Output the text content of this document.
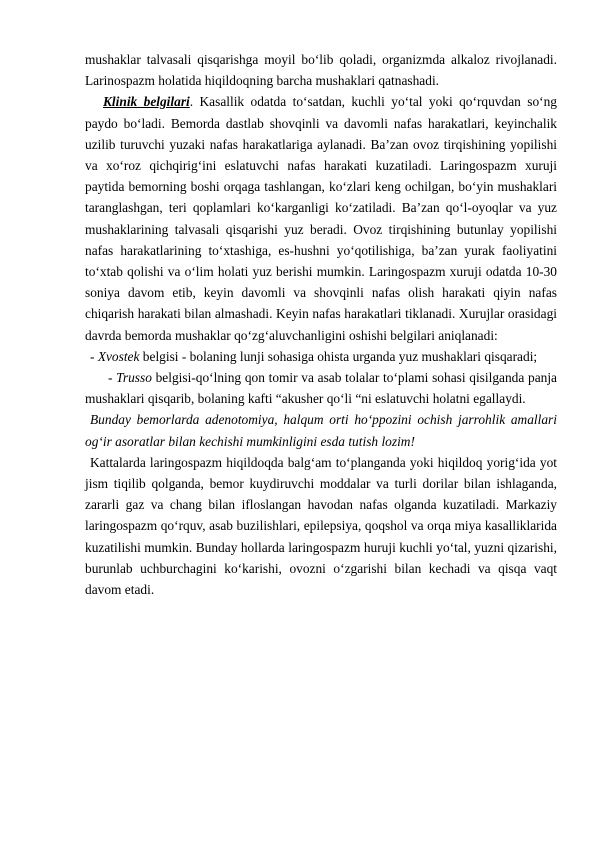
mushaklar talvasali qisqarishga moyil bo‘lib qoladi, organizmda alkaloz rivojlanadi. Larinospazm holatida hiqildoqning barcha mushaklari qatnashadi.

Klinik belgilari. Kasallik odatda to‘satdan, kuchli yo‘tal yoki qo‘rquvdan so‘ng paydo bo‘ladi. Bemorda dastlab shovqinli va davomli nafas harakatlari, keyinchalik uzilib turuvchi yuzaki nafas harakatlariga aylanadi. Ba’zan ovoz tirqishining yopilishi va xo‘roz qichqirig‘ini eslatuvchi nafas harakati kuzatiladi. Laringospazm xuruji paytida bemorning boshi orqaga tashlangan, ko‘zlari keng ochilgan, bo‘yin mushaklari taranglashgan, teri qoplamlari ko‘karganligi ko‘zatiladi. Ba’zan qo‘l-oyoqlar va yuz mushaklarining talvasali qisqarishi yuz beradi. Ovoz tirqishining butunlay yopilishi nafas harakatlarining to‘xtashiga, es-hushni yo‘qotilishiga, ba’zan yurak faoliyatini to‘xtab qolishi va o‘lim holati yuz berishi mumkin. Laringospazm xuruji odatda 10-30 soniya davom etib, keyin davomli va shovqinli nafas olish harakati qiyin nafas chiqarish harakati bilan almashadi. Keyin nafas harakatlari tiklanadi. Xurujlar orasidagi davrda bemorda mushaklar qo‘zg‘aluvchanligini oshishi belgilari aniqlanadi:

- Xvostek belgisi - bolaning lunji sohasiga ohista urganda yuz mushaklari qisqaradi;

- Trusso belgisi-qo‘lning qon tomir va asab tolalar to‘plami sohasi qisilganda panja mushaklari qisqarib, bolaning kafti “akusher qo‘li “ni eslatuvchi holatni egallaydi.

Bunday bemorlarda adenotomiya, halqum orti ho‘ppozini ochish jarrohlik amallari og‘ir asoratlar bilan kechishi mumkinligini esda tutish lozim!

Kattalarda laringospazm hiqildoqda balg‘am to‘planganda yoki hiqildoq yorig‘ida yot jism tiqilib qolganda, bemor kuydiruvchi moddalar va turli dorilar bilan ishlaganda, zararli gaz va chang bilan ifloslangan havodan nafas olganda kuzatiladi. Markaziy laringospazm qo‘rquv, asab buzilishlari, epilepsiya, qoqshol va orqa miya kasalliklarida kuzatilishi mumkin. Bunday hollarda laringospazm huruji kuchli yo‘tal, yuzni qizarishi, burunlab uchburchagini ko‘karishi, ovozni o‘zgarishi bilan kechadi va qisqa vaqt davom etadi.
